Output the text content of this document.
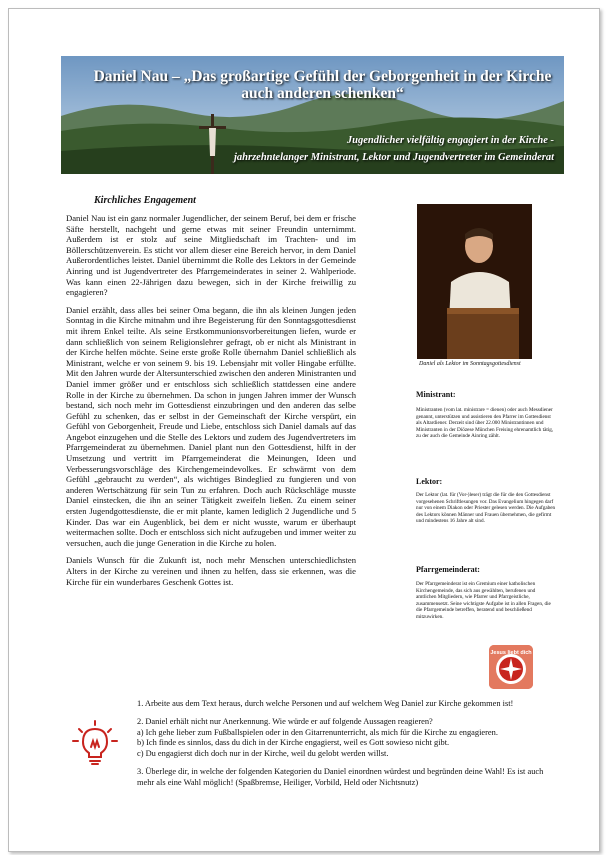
Daniel Nau – „Das großartige Gefühl der Geborgenheit in der Kirche
auch anderen schenken“
Jugendlicher vielfältig engagiert in der Kirche -
jahrzehntelanger Ministrant, Lektor und Jugendvertreter im Gemeinderat
Kirchliches Engagement

Daniel Nau ist ein ganz normaler Jugendlicher, der seinem Beruf, bei dem er frische Säfte herstellt, nachgeht und gerne etwas mit seiner Freundin unternimmt. Außerdem ist er stolz auf seine Mitgliedschaft im Trachten- und im Böllerschützenverein. Es sticht vor allem dieser eine Bereich hervor, in dem Daniel Außerordentliches leistet. Daniel übernimmt die Rolle des Lektors in der Gemeinde Ainring und ist Jugendvertreter des Pfarrgemeinderates in seiner 2. Wahlperiode. Was kann einen 22-Jährigen dazu bewegen, sich in der Kirche freiwillig zu engagieren?

Daniel erzählt, dass alles bei seiner Oma begann, die ihn als kleinen Jungen jeden Sonntag in die Kirche mitnahm und ihre Begeisterung für den Sonntagsgottesdienst mit ihrem Enkel teilte. Als seine Erstkommunionsvorbereitungen liefen, wurde er dann schließlich von seinem Religionslehrer gefragt, ob er nicht als Ministrant in der Kirche helfen möchte. Seine erste große Rolle übernahm Daniel schließlich als Ministrant, welche er von seinem 9. bis 19. Lebensjahr mit voller Hingabe erfüllte. Mit den Jahren wurde der Altersunterschied zwischen den anderen Ministranten und Daniel immer größer und er entschloss sich schließlich stattdessen eine andere Rolle in der Kirche zu übernehmen. Da schon in jungen Jahren immer der Wunsch bestand, sich noch mehr im Gottesdienst einzubringen und den anderen das selbe Gefühl zu schenken, das er selbst in der Gemeinschaft der Kirche verspürt, ein Gefühl von Geborgenheit, Freude und Liebe, entschloss sich Daniel damals auf das Angebot einzugehen und die Stelle des Lektors und zudem des Jugendvertreters im Pfarrgemeinderat zu übernehmen. Daniel plant nun den Gottesdienst, hilft in der Umsetzung und vertritt im Pfarrgemeinderat die Meinungen, Ideen und Verbesserungsvorschläge des Kirchengemeindevolkes. Er schwärmt von dem Gefühl „gebraucht zu werden“, als wichtiges Bindeglied zu fungieren und von anderen Wertschätzung für sein Tun zu erfahren. Doch auch Rückschläge musste Daniel einstecken, die ihn an seiner Tätigkeit zweifeln ließen. Zu einem seiner ersten Jugendgottesdienste, die er mit plante, kamen lediglich 2 Jugendliche und 5 Kinder. Das war ein Augenblick, bei dem er nicht wusste, warum er überhaupt weitermachen sollte. Doch er entschloss sich nicht aufzugeben und immer weiter zu versuchen, auch die junge Generation in die Kirche zu holen.

Daniels Wunsch für die Zukunft ist, noch mehr Menschen unterschiedlichsten Alters in der Kirche zu vereinen und ihnen zu helfen, dass sie erkennen, was die Kirche für ein wunderbares Geschenk Gottes ist.

Daniel als Lektor im Sonntagsgottesdienst
Ministrant:
Ministranten (vom lat. ministrare = dienen) oder auch Messdiener genannt, unterstützen und assistieren den Pfarrer im Gottesdienst als Altardiener. Derzeit sind über 22.000 Ministrantinnen und Ministranten in der Diözese München Freising ehrenamtlich tätig, zu der auch die Gemeinde Ainring zählt.
Lektor:
Der Lektor (lat. für (Vor-)leser) trägt die für die den Gottesdienst vorgesehenen Schriftlesungen vor. Das Evangelium hingegen darf nur von einem Diakon oder Priester gelesen werden. Die Aufgaben des Lektors können Männer und Frauen übernehmen, die gefirmt und mindestens 16 Jahre alt sind.
Pfarrgemeinderat:
Der Pfarrgemeinderat ist ein Gremium einer katholischen Kirchengemeinde, das sich aus gewählten, berufenen und amtlichen Mitgliedern, wie Pfarrer und Pfarrgeistliche, zusammensetzt. Seine wichtigste Aufgabe ist in allen Fragen, die die Pfarrgemeinde betreffen, beratend und beschließend mitzuwirken.
Jesus liebt dich

1. Arbeite aus dem Text heraus, durch welche Personen und auf welchem Weg Daniel zur Kirche gekommen ist!

2. Daniel erhält nicht nur Anerkennung. Wie würde er auf folgende Aussagen reagieren?
a) Ich gehe lieber zum Fußballspielen oder in den Gitarrenunterricht, als mich für die Kirche zu engagieren.
b) Ich finde es sinnlos, dass du dich in der Kirche engagierst, weil es Gott sowieso nicht gibt.
c) Du engagierst dich doch nur in der Kirche, weil du gelobt werden willst.

3. Überlege dir, in welche der folgenden Kategorien du Daniel einordnen würdest und begründen deine Wahl! Es ist auch mehr als eine Wahl möglich! (Spaßbremse, Heiliger, Vorbild, Held oder Nichtsnutz)
